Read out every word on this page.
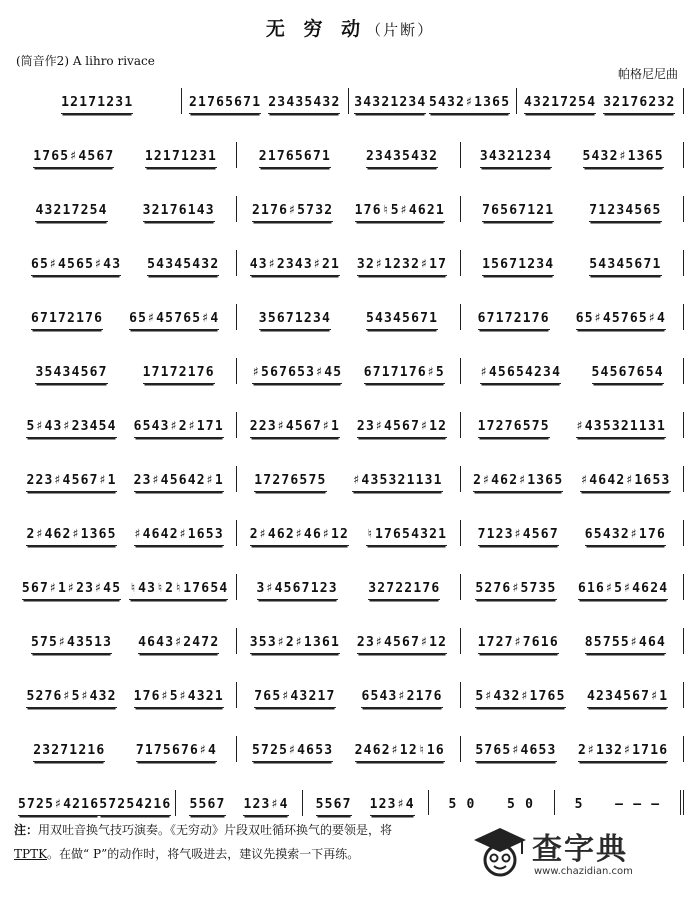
无 穷 动（片断）
(筒音作2) A lihro rivace
帕格尼尼曲
12171231	21765671 23435432 34321234 5432♯1365 43217254 32176232
1765♯4567 12171231	21765671	23435432	34321234 5432♯1365
43217254	32176143	2176♯5732 176♮5♯4621	76567121	71234565
65♯4565♯43 54345432 43♯2343♯21 32♯1232♯17	15671234	54345671
67172176 65♯45765♯4	35671234	54345671	67172176 65♯45765♯4
35434567	17172176	♯567653♯45 6717176♯5	♯45654234 54567654
5♯43♯23454 6543♯2♯171 223♯4567♯1 23♯4567♯12 17276575 ♯435321131
223♯4567♯1 23♯45642♯1 17276575 ♯435321131 2♯462♯1365 ♯4642♯1653
2♯462♯1365 ♯4642♯1653 2♯462♯46♯12 ♮17654321 7123♯4567 65432♯176
567♯1♯23♯45 ♮43♮2♮17654 3♯4567123 32722176	5276♯5735 616♯5♯4624
575♯43513 4643♯2472 353♯2♯1361 23♯4567♯12 1727♯7616 85755♯464
5276♯5♯432 176♯5♯4321 765♯43217 6543♯2176	5♯432♯1765 4234567♯1
23271216 7175676♯4	5725♯4653 2462♯12♮16 5765♯4653 2♯132♯1716
5725♯4216 57254216 5567 123♯4 5567 123♯4	5 0 5 0	5 — — —
注：用双吐音换气技巧演奏。《无穷动》片段双吐循环换气的要领是，将
TPTK。在做“ P”的动作时，将气吸进去，建议先摸索一下再练。	查字典
www.chazidian.com
